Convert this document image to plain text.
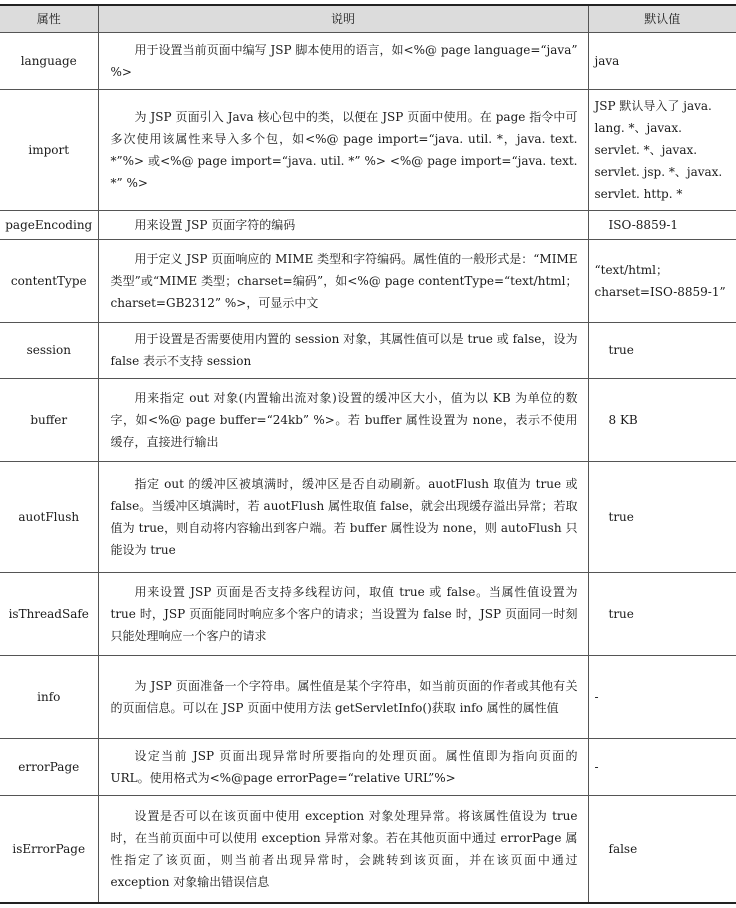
属性	说明	默认值
language	用于设置当前页面中编写 JSP 脚本使用的语言，如<%@ page language=“java” %>	java
import	为 JSP 页面引入 Java 核心包中的类，以便在 JSP 页面中使用。在 page 指令中可多次使用该属性来导入多个包，如<%@ page import=“java. util. *，java. text. *”%> 或<%@ page import=“java. util. *” %> <%@ page import=“java. text. *” %>	JSP 默认导入了 java. lang. *、javax. servlet. *、javax. servlet. jsp. *、javax. servlet. http. *
pageEncoding	用来设置 JSP 页面字符的编码	ISO-8859-1
contentType	用于定义 JSP 页面响应的 MIME 类型和字符编码。属性值的一般形式是：“MIME 类型”或“MIME 类型；charset=编码”，如<%@ page contentType=“text/html；charset=GB2312” %>，可显示中文	“text/html；charset=ISO-8859-1”
session	用于设置是否需要使用内置的 session 对象，其属性值可以是 true 或 false，设为 false 表示不支持 session	true
buffer	用来指定 out 对象(内置输出流对象)设置的缓冲区大小，值为以 KB 为单位的数字，如<%@ page buffer=“24kb” %>。若 buffer 属性设置为 none，表示不使用缓存，直接进行输出	8 KB
auotFlush	指定 out 的缓冲区被填满时，缓冲区是否自动刷新。auotFlush 取值为 true 或 false。当缓冲区填满时，若 auotFlush 属性取值 false，就会出现缓存溢出异常；若取值为 true，则自动将内容输出到客户端。若 buffer 属性设为 none，则 autoFlush 只能设为 true	true
isThreadSafe	用来设置 JSP 页面是否支持多线程访问，取值 true 或 false。当属性值设置为 true 时，JSP 页面能同时响应多个客户的请求；当设置为 false 时，JSP 页面同一时刻只能处理响应一个客户的请求	true
info	为 JSP 页面准备一个字符串。属性值是某个字符串，如当前页面的作者或其他有关的页面信息。可以在 JSP 页面中使用方法 getServletInfo()获取 info 属性的属性值	-
errorPage	设定当前 JSP 页面出现异常时所要指向的处理页面。属性值即为指向页面的 URL。使用格式为<%@page errorPage=“relative URL”%>	-
isErrorPage	设置是否可以在该页面中使用 exception 对象处理异常。将该属性值设为 true 时，在当前页面中可以使用 exception 异常对象。若在其他页面中通过 errorPage 属性指定了该页面，则当前者出现异常时，会跳转到该页面，并在该页面中通过 exception 对象输出错误信息	false
